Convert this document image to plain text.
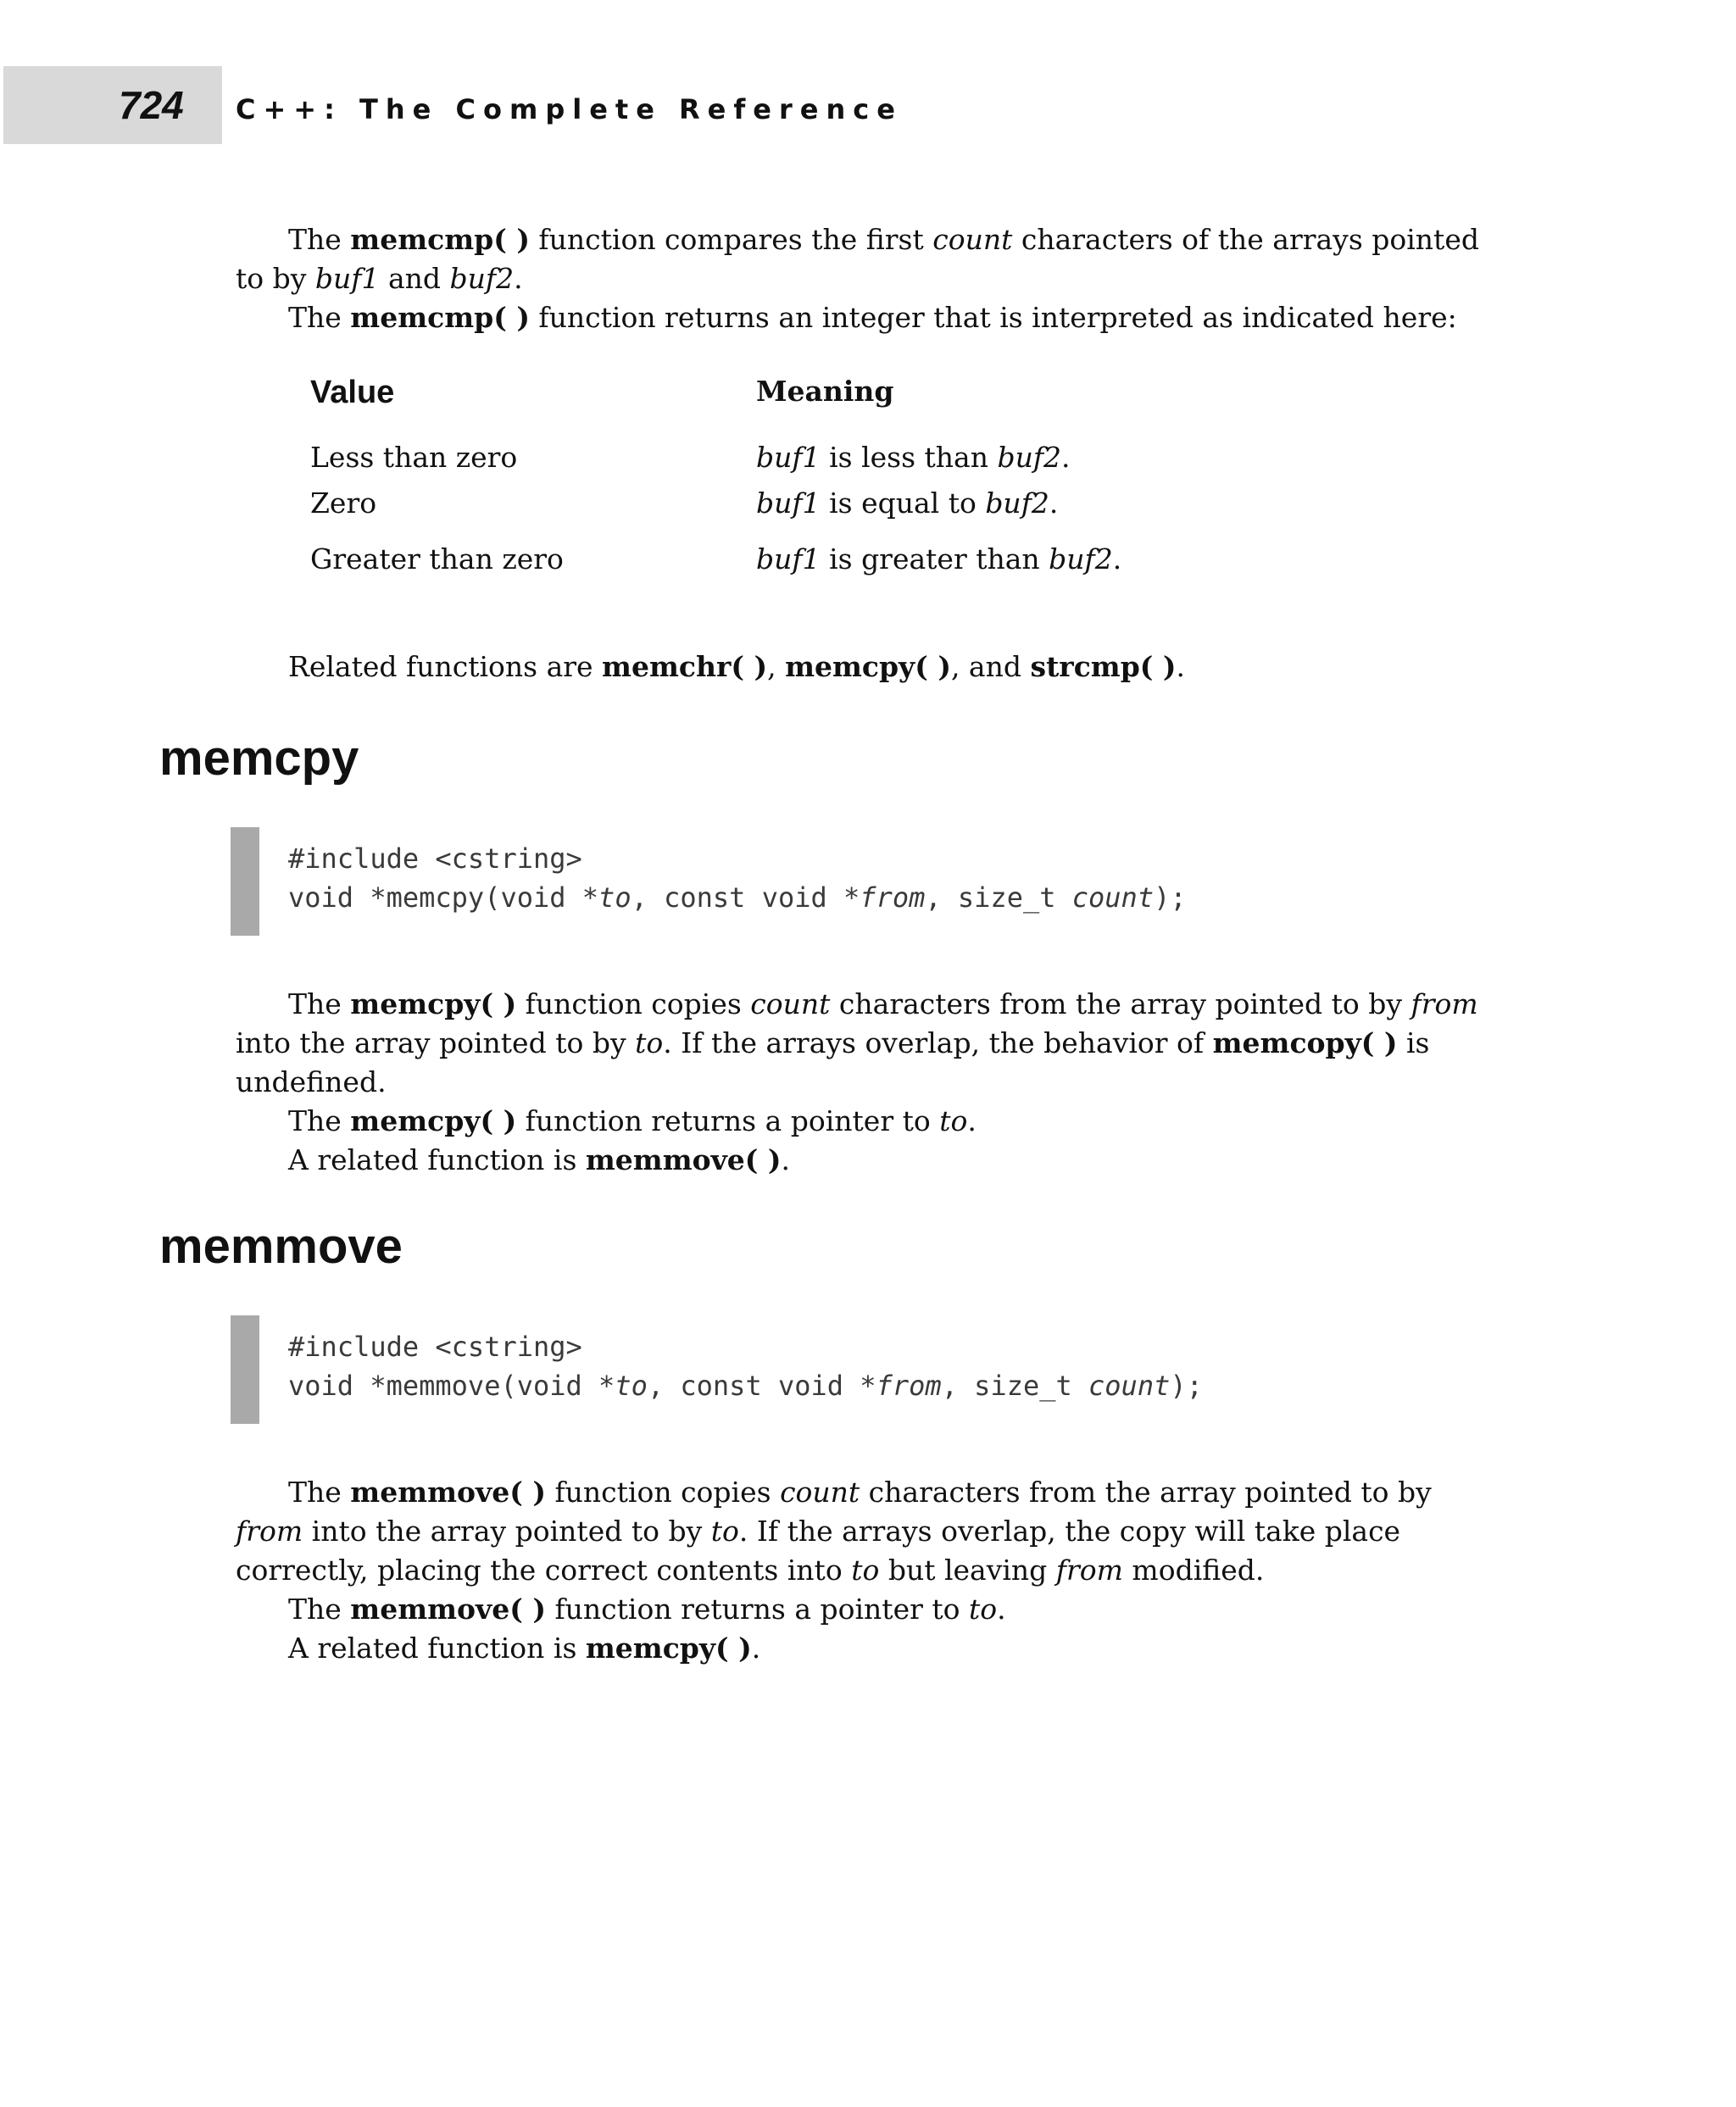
724 C++: The Complete Reference

The memcmp( ) function compares the first count characters of the arrays pointed to by buf1 and buf2.

The memcmp( ) function returns an integer that is interpreted as indicated here:

Value	Meaning
Less than zero	buf1 is less than buf2.
Zero	buf1 is equal to buf2.
Greater than zero	buf1 is greater than buf2.

Related functions are memchr( ), memcpy( ), and strcmp( ).

memcpy
#include <cstring>
void *memcpy(void *to, const void *from, size_t count);

The memcpy( ) function copies count characters from the array pointed to by from into the array pointed to by to. If the arrays overlap, the behavior of memcopy( ) is undefined.

The memcpy( ) function returns a pointer to to.

A related function is memmove( ).

memmove
#include <cstring>
void *memmove(void *to, const void *from, size_t count);

The memmove( ) function copies count characters from the array pointed to by from into the array pointed to by to. If the arrays overlap, the copy will take place correctly, placing the correct contents into to but leaving from modified.

The memmove( ) function returns a pointer to to.

A related function is memcpy( ).
